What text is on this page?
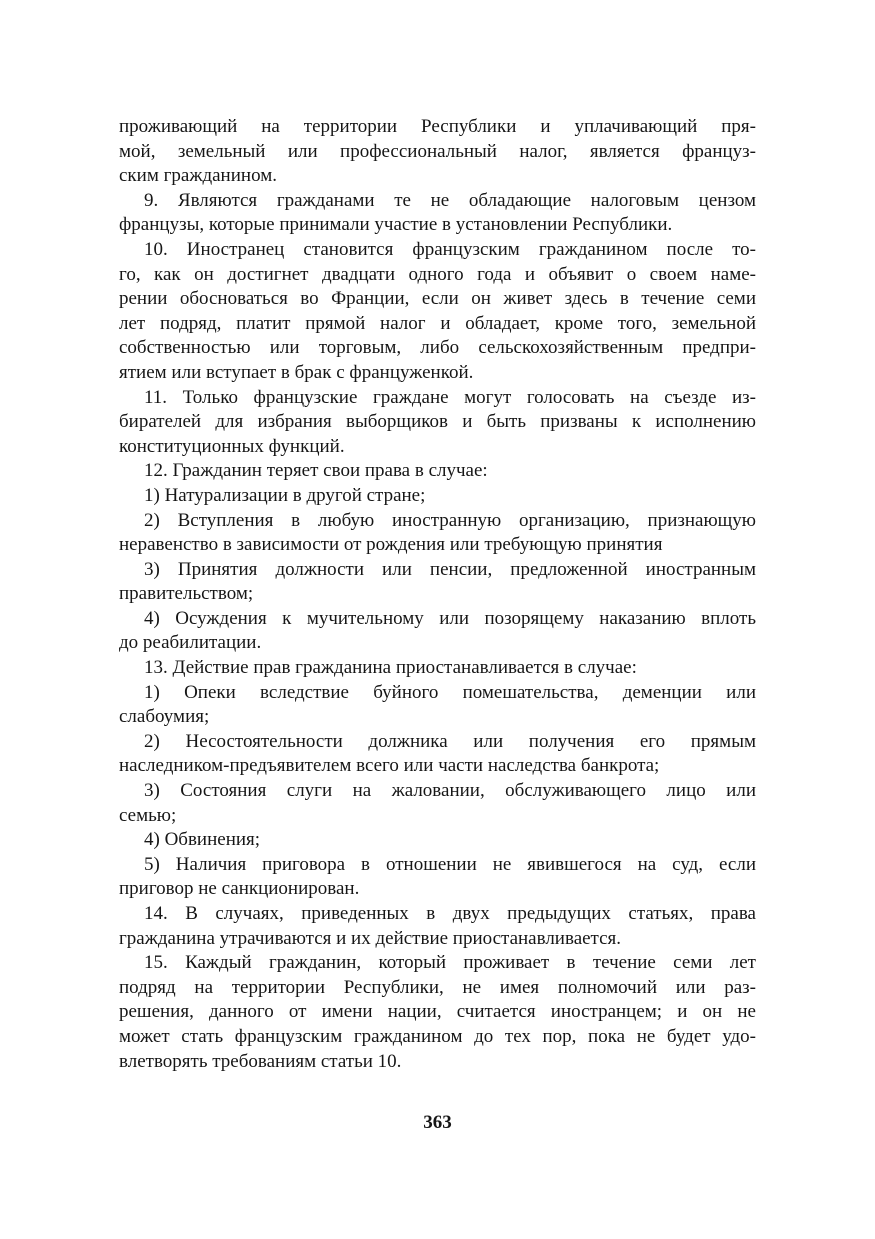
проживающий на территории Республики и уплачивающий пря-
мой, земельный или профессиональный налог, является француз-
ским гражданином.
9. Являются гражданами те не обладающие налоговым цензом
французы, которые принимали участие в установлении Республики.
10. Иностранец становится французским гражданином после то-
го, как он достигнет двадцати одного года и объявит о своем наме-
рении обосноваться во Франции, если он живет здесь в течение семи
лет подряд, платит прямой налог и обладает, кроме того, земельной
собственностью или торговым, либо сельскохозяйственным предпри-
ятием или вступает в брак с француженкой.
11. Только французские граждане могут голосовать на съезде из-
бирателей для избрания выборщиков и быть призваны к исполнению
конституционных функций.
12. Гражданин теряет свои права в случае:
1) Натурализации в другой стране;
2) Вступления в любую иностранную организацию, признающую
неравенство в зависимости от рождения или требующую принятия
3) Принятия должности или пенсии, предложенной иностранным
правительством;
4) Осуждения к мучительному или позорящему наказанию вплоть
до реабилитации.
13. Действие прав гражданина приостанавливается в случае:
1) Опеки вследствие буйного помешательства, деменции или
слабоумия;
2) Несостоятельности должника или получения его прямым
наследником-предъявителем всего или части наследства банкрота;
3) Состояния слуги на жаловании, обслуживающего лицо или
семью;
4) Обвинения;
5) Наличия приговора в отношении не явившегося на суд, если
приговор не санкционирован.
14. В случаях, приведенных в двух предыдущих статьях, права
гражданина утрачиваются и их действие приостанавливается.
15. Каждый гражданин, который проживает в течение семи лет
подряд на территории Республики, не имея полномочий или раз-
решения, данного от имени нации, считается иностранцем; и он не
может стать французским гражданином до тех пор, пока не будет удо-
влетворять требованиям статьи 10.
363
